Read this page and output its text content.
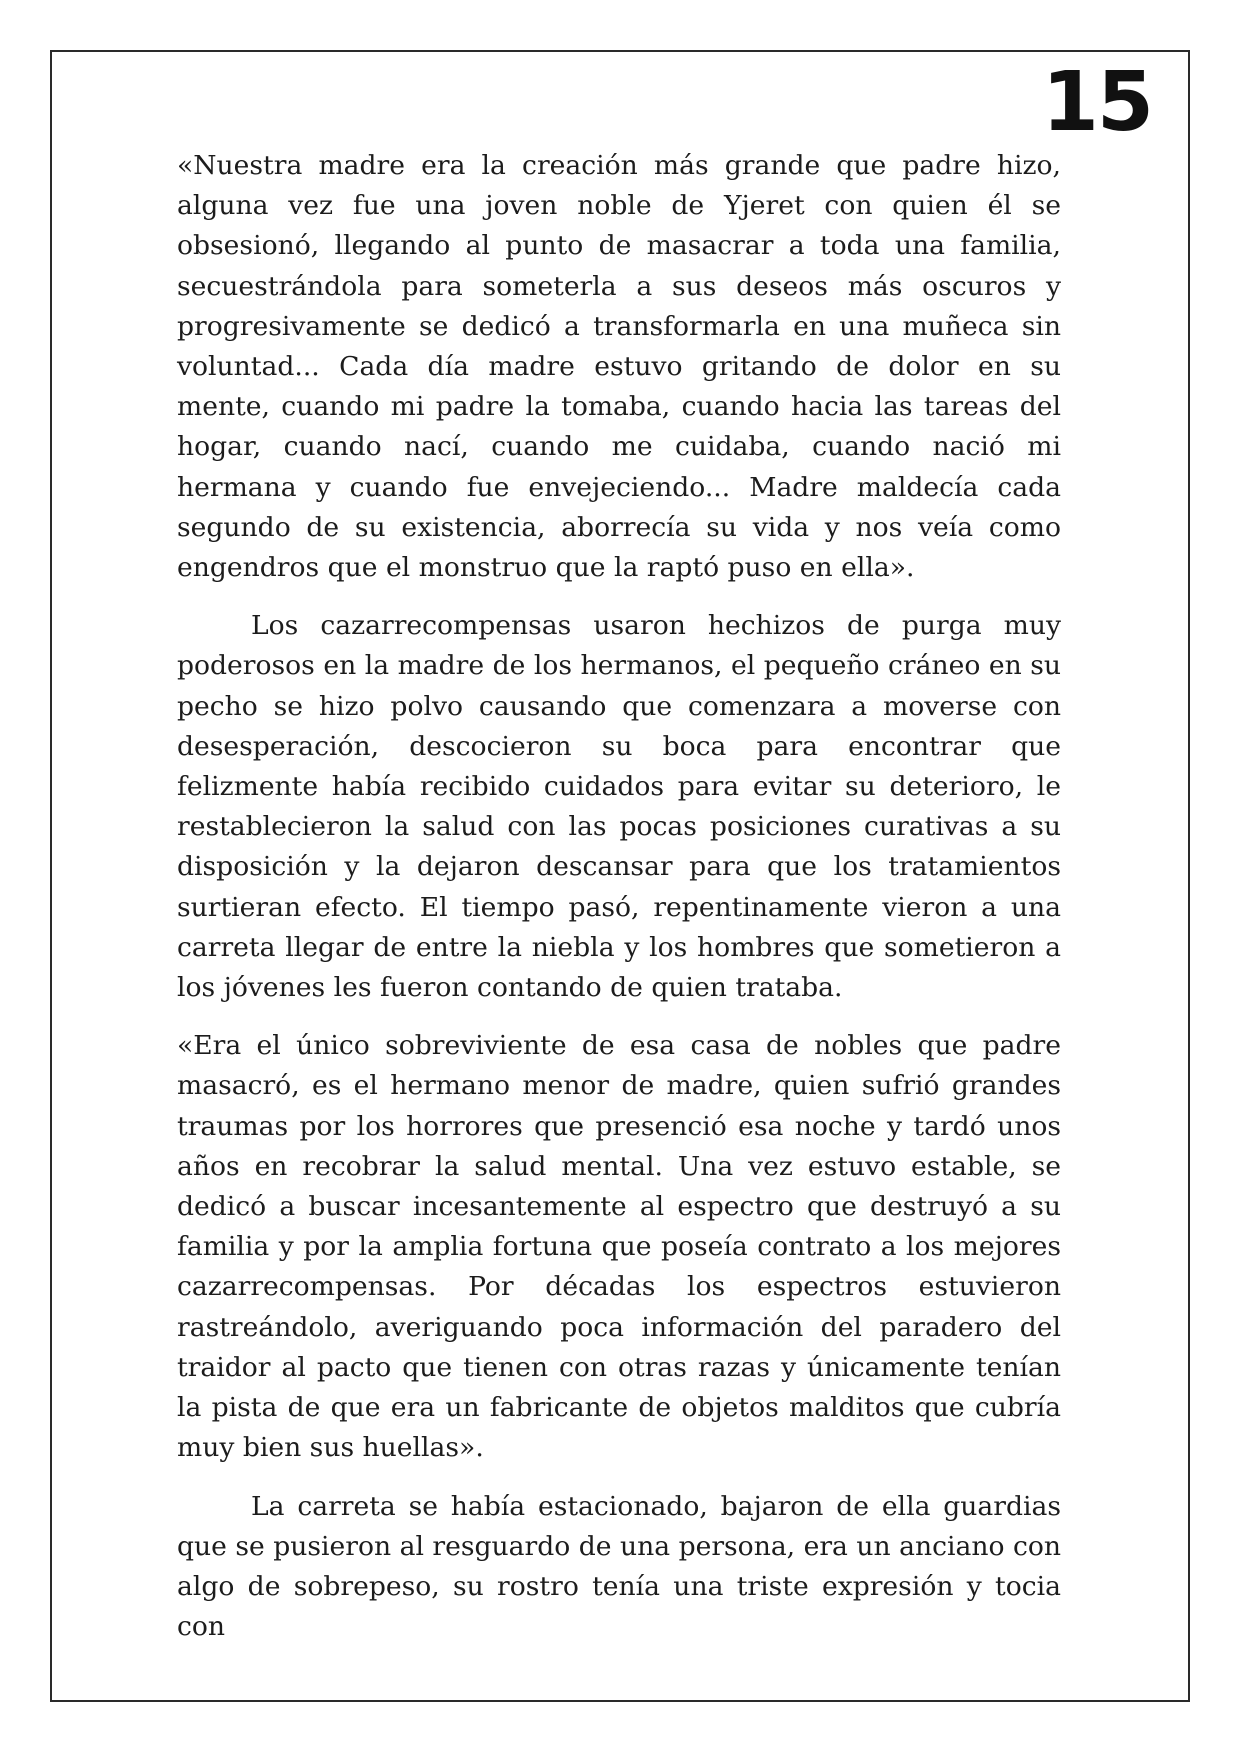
15

«Nuestra madre era la creación más grande que padre hizo, alguna vez fue una joven noble de Yjeret con quien él se obsesionó, llegando al punto de masacrar a toda una familia, secuestrándola para someterla a sus deseos más oscuros y progresivamente se dedicó a transformarla en una muñeca sin voluntad... Cada día madre estuvo gritando de dolor en su mente, cuando mi padre la tomaba, cuando hacia las tareas del hogar, cuando nací, cuando me cuidaba, cuando nació mi hermana y cuando fue envejeciendo... Madre maldecía cada segundo de su existencia, aborrecía su vida y nos veía como engendros que el monstruo que la raptó puso en ella».

Los cazarrecompensas usaron hechizos de purga muy poderosos en la madre de los hermanos, el pequeño cráneo en su pecho se hizo polvo causando que comenzara a moverse con desesperación, descocieron su boca para encontrar que felizmente había recibido cuidados para evitar su deterioro, le restablecieron la salud con las pocas posiciones curativas a su disposición y la dejaron descansar para que los tratamientos surtieran efecto. El tiempo pasó, repentinamente vieron a una carreta llegar de entre la niebla y los hombres que sometieron a los jóvenes les fueron contando de quien trataba.

«Era el único sobreviviente de esa casa de nobles que padre masacró, es el hermano menor de madre, quien sufrió grandes traumas por los horrores que presenció esa noche y tardó unos años en recobrar la salud mental. Una vez estuvo estable, se dedicó a buscar incesantemente al espectro que destruyó a su familia y por la amplia fortuna que poseía contrato a los mejores cazarrecompensas. Por décadas los espectros estuvieron rastreándolo, averiguando poca información del paradero del traidor al pacto que tienen con otras razas y únicamente tenían la pista de que era un fabricante de objetos malditos que cubría muy bien sus huellas».

La carreta se había estacionado, bajaron de ella guardias que se pusieron al resguardo de una persona, era un anciano con algo de sobrepeso, su rostro tenía una triste expresión y tocia con
